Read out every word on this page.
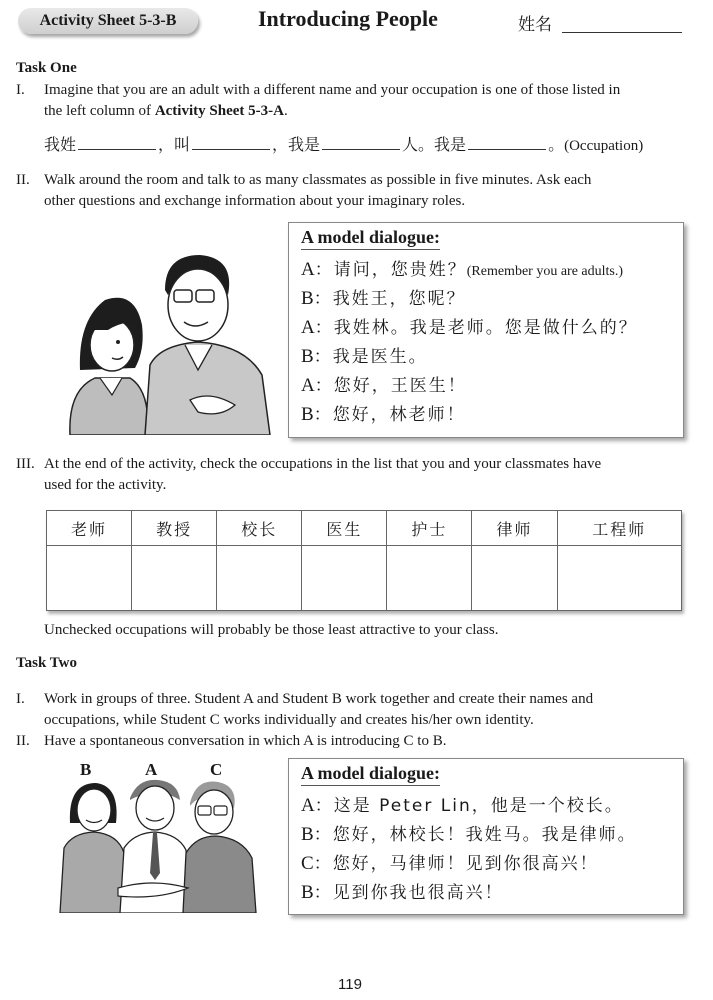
Activity Sheet 5-3-B	Introducing People	姓名
Task One
I.	Imagine that you are an adult with a different name and your occupation is one of those listed in
the left column of Activity Sheet 5-3-A.
我姓	，叫	，我是	人。我是	。(Occupation)
II. Walk around the room and talk to as many classmates as possible in five minutes. Ask each
other questions and exchange information about your imaginary roles.
A model dialogue:
A：请问，您贵姓？(Remember you are adults.)
B：我姓王，您呢？
A：我姓林。我是老师。您是做什么的？
B：我是医生。
A：您好，王医生！
B：您好，林老师！
III. At the end of the activity, check the occupations in the list that you and your classmates have
used for the activity.
老师	教授	校长	医生	护士	律师	工程师

Unchecked occupations will probably be those least attractive to your class.
Task Two
I.	Work in groups of three. Student A and Student B work together and create their names and
occupations, while Student C works individually and creates his/her own identity.
II. Have a spontaneous conversation in which A is introducing C to B.
B	A	C	A model dialogue:
A：这是 Peter Lin，他是一个校长。
B：您好，林校长！我姓马。我是律师。
C：您好，马律师！见到你很高兴！
B：见到你我也很高兴！
119
